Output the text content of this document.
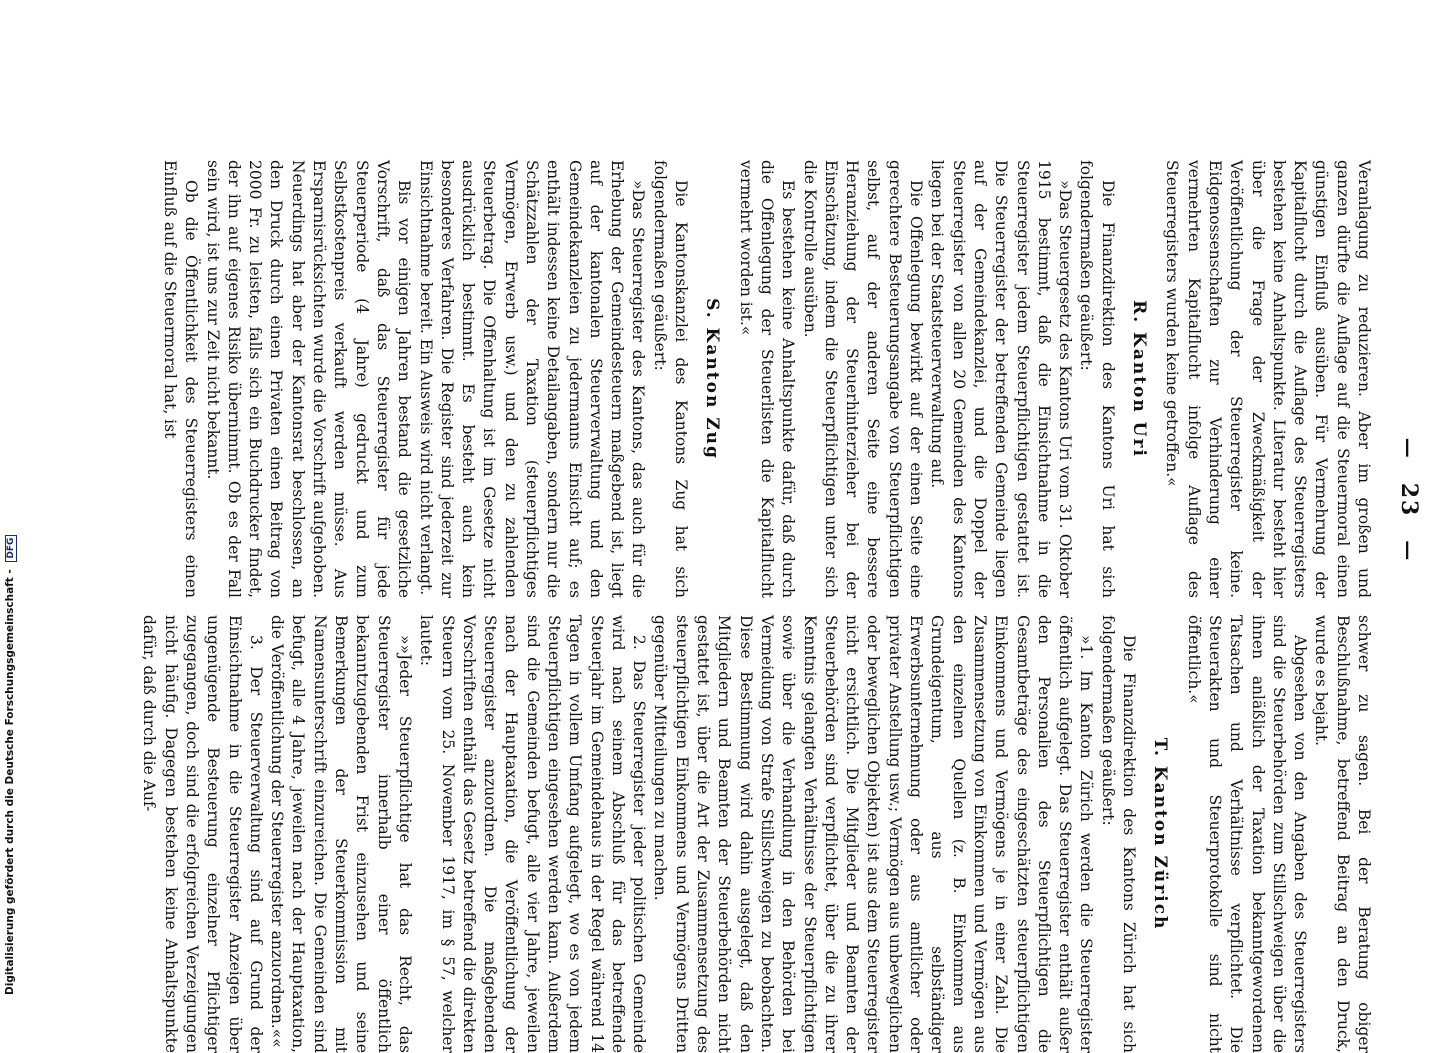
— 23 —

Veranlagung zu reduzieren. Aber im großen und ganzen dürfte die Auflage auf die Steuermoral einen günstigen Einfluß ausüben. Für Vermehrung der Kapitalflucht durch die Auflage des Steuerregisters bestehen keine Anhaltspunkte. Literatur besteht hier über die Frage der Zweckmäßigkeit der Veröffentlichung der Steuerregister keine. Eidgenossenschaften zur Verhinderung einer vermehrten Kapitalflucht infolge Auflage des Steuerregisters wurden keine getroffen.«

R. Kanton Uri

Die Finanzdirektion des Kantons Uri hat sich folgendermaßen geäußert:

»Das Steuergesetz des Kantons Uri vom 31. Oktober 1915 bestimmt, daß die Einsichtnahme in die Steuerregister jedem Steuerpflichtigen gestattet ist. Die Steuerregister der betreffenden Gemeinde liegen auf der Gemeindekanzlei, und die Doppel der Steuerregister von allen 20 Gemeinden des Kantons liegen bei der Staatsteuerverwaltung auf.

Die Offenlegung bewirkt auf der einen Seite eine gerechtere Besteuerungsangabe von Steuerpflichtigen selbst, auf der anderen Seite eine bessere Heranziehung der Steuerhinterzieher bei der Einschätzung, indem die Steuerpflichtigen unter sich die Kontrolle ausüben.

Es bestehen keine Anhaltspunkte dafür, daß durch die Offenlegung der Steuerlisten die Kapitalflucht vermehrt worden ist.«

S. Kanton Zug

Die Kantonskanzlei des Kantons Zug hat sich folgendermaßen geäußert:

»Das Steuerregister des Kantons, das auch für die Erhebung der Gemeindesteuern maßgebend ist, liegt auf der kantonalen Steuerverwaltung und den Gemeindekanzleien zu jedermanns Einsicht auf; es enthält indessen keine Detailangaben, sondern nur die Schätzzahlen der Taxation (steuerpflichtiges Vermögen, Erwerb usw.) und den zu zahlenden Steuerbetrag. Die Offenhaltung ist im Gesetze nicht ausdrücklich bestimmt. Es besteht auch kein besonderes Verfahren. Die Register sind jederzeit zur Einsichtnahme bereit. Ein Ausweis wird nicht verlangt.

Bis vor einigen Jahren bestand die gesetzliche Vorschrift, daß das Steuerregister für jede Steuerperiode (4 Jahre) gedruckt und zum Selbstkostenpreis verkauft werden müsse. Aus Ersparnisrücksichten wurde die Vorschrift aufgehoben. Neuerdings hat aber der Kantonsrat beschlossen, an den Druck durch einen Privaten einen Beitrag von 2000 Fr. zu leisten, falls sich ein Buchdrucker findet, der ihn auf eigenes Risiko übernimmt. Ob es der Fall sein wird, ist uns zur Zeit nicht bekannt.

Ob die Öffentlichkeit des Steuerregisters einen Einfluß auf die Steuermoral hat, ist

schwer zu sagen. Bei der Beratung obiger Beschlußnahme, betreffend Beitrag an den Druck, wurde es bejaht.

Abgesehen von den Angaben des Steuerregisters sind die Steuerbehörden zum Stillschweigen über die ihnen anläßlich der Taxation bekanntgewordenen Tatsachen und Verhältnisse verpflichtet. Die Steuerakten und Steuerprotokolle sind nicht öffentlich.«

T. Kanton Zürich

Die Finanzdirektion des Kantons Zürich hat sich folgendermaßen geäußert:

»1. Im Kanton Zürich werden die Steuerregister öffentlich aufgelegt. Das Steuerregister enthält außer den Personalien des Steuerpflichtigen die Gesamtbeträge des eingeschätzten steuerpflichtigen Einkommens und Vermögens je in einer Zahl. Die Zusammensetzung von Einkommen und Vermögen aus den einzelnen Quellen (z. B. Einkommen aus Grundeigentum, aus selbständiger Erwerbsunternehmung oder aus amtlicher oder privater Anstellung usw.; Vermögen aus unbeweglichen oder beweglichen Objekten) ist aus dem Steuerregister nicht ersichtlich. Die Mitglieder und Beamten der Steuerbehörden sind verpflichtet, über die zu ihrer Kenntnis gelangten Verhältnisse der Steuerpflichtigen sowie über die Verhandlung in den Behörden bei Vermeidung von Strafe Stillschweigen zu beobachten. Diese Bestimmung wird dahin ausgelegt, daß den Mitgliedern und Beamten der Steuerbehörden nicht gestattet ist, über die Art der Zusammensetzung des steuerpflichtigen Einkommens und Vermögens Dritten gegenüber Mitteilungen zu machen.

2. Das Steuerregister jeder politischen Gemeinde wird nach seinem Abschluß für das betreffende Steuerjahr im Gemeindehaus in der Regel während 14 Tagen in vollem Umfang aufgelegt, wo es von jedem Steuerpflichtigen eingesehen werden kann. Außerdem sind die Gemeinden befugt, alle vier Jahre, jeweilen nach der Hauptaxation, die Veröffentlichung der Steuerregister anzuordnen. Die maßgebenden Vorschriften enthält das Gesetz betreffend die direkten Steuern vom 25. November 1917, im § 57, welcher lautet:

»»Jeder Steuerpflichtige hat das Recht, das Steuerregister innerhalb einer öffentlich bekanntzugebenden Frist einzusehen und seine Bemerkungen der Steuerkommission mit Namensunterschrift einzureichen. Die Gemeinden sind befugt, alle 4 Jahre, jeweilen nach der Hauptaxation, die Veröffentlichung der Steuerregister anzuordnen.««

3. Der Steuerverwaltung sind auf Grund der Einsichtnahme in die Steuerregister Anzeigen über ungenügende Besteuerung einzelner Pflichtiger zugegangen, doch sind die erfolgreichen Verzeigungen nicht häufig. Dagegen bestehen keine Anhaltspunkte dafür, daß durch die Auf-

Digitalisierung gefördert durch die Deutsche Forschungsgemeinschaft - DFG
